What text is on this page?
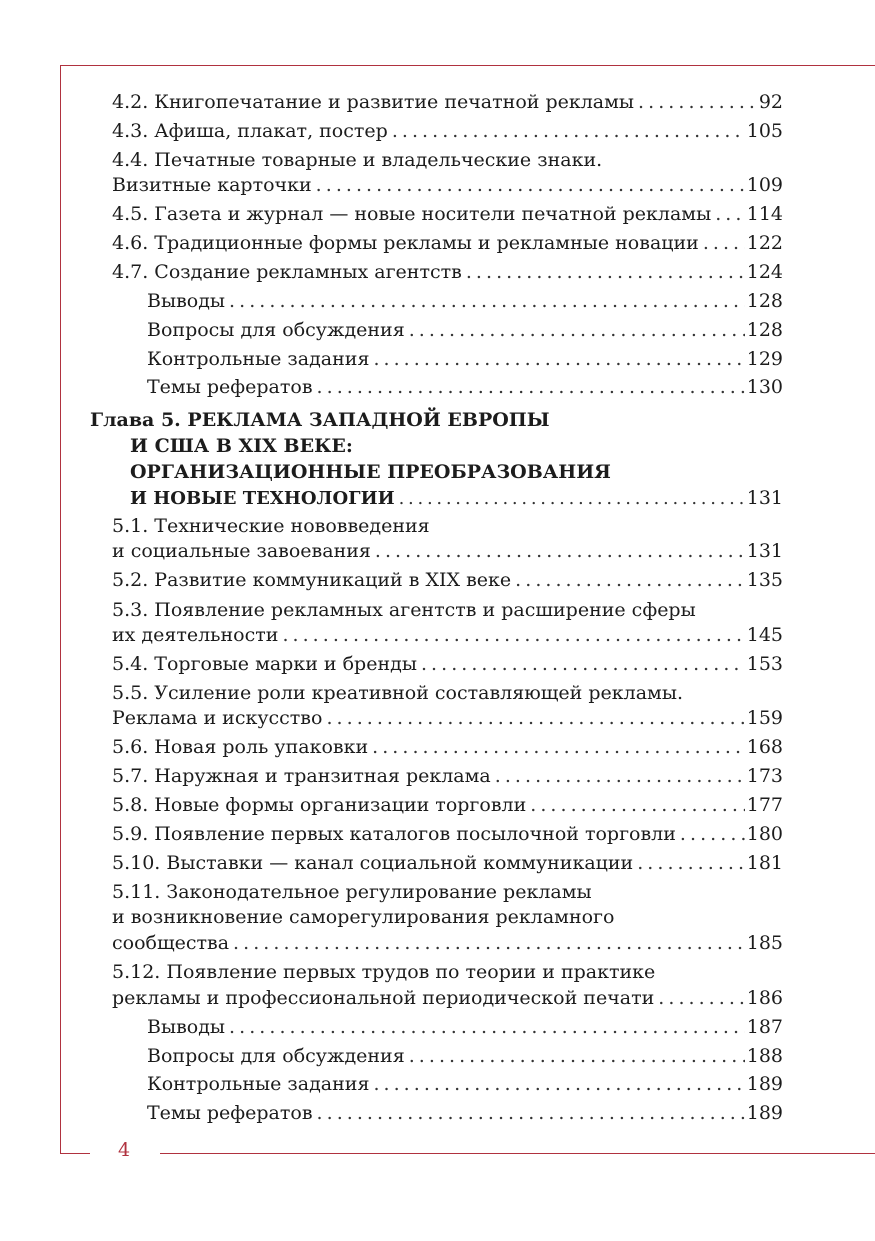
4
4.2. Книгопечатание и развитие печатной рекламы . . .	92
4.3. Афиша, плакат, постер . . .	105
4.4. Печатные товарные и владельческие знаки.
Визитные карточки . . .	109
4.5. Газета и журнал — новые носители печатной рекламы . . . 114
4.6. Традиционные формы рекламы и рекламные новации . . .	122
4.7. Создание рекламных агентств . . .	124
Выводы . . .	128
Вопросы для обсуждения . . .	128
Контрольные задания . . .	129
Темы рефератов . . .	130
Глава 5. РЕКЛАМА ЗАПАДНОЙ ЕВРОПЫ
И США В XIX ВЕКЕ:
ОРГАНИЗАЦИОННЫЕ ПРЕОБРАЗОВАНИЯ
И НОВЫЕ ТЕХНОЛОГИИ . . .	131
5.1. Технические нововведения
и социальные завоевания . . .	131
5.2. Развитие коммуникаций в XIX веке . . .	135
5.3. Появление рекламных агентств и расширение сферы
их деятельности . . .	145
5.4. Торговые марки и бренды . . .	153
5.5. Усиление роли креативной составляющей рекламы.
Реклама и искусство . . .	159
5.6. Новая роль упаковки . . .	168
5.7. Наружная и транзитная реклама . . .	173
5.8. Новые формы организации торговли . . .	177
5.9. Появление первых каталогов посылочной торговли . . .	180
5.10. Выставки — канал социальной коммуникации . . .	181
5.11. Законодательное регулирование рекламы
и возникновение саморегулирования рекламного
сообщества . . .	185
5.12. Появление первых трудов по теории и практике
рекламы и профессиональной периодической печати . . .	186
Выводы . . .	187
Вопросы для обсуждения . . .	188
Контрольные задания . . .	189
Темы рефератов . . .	189
